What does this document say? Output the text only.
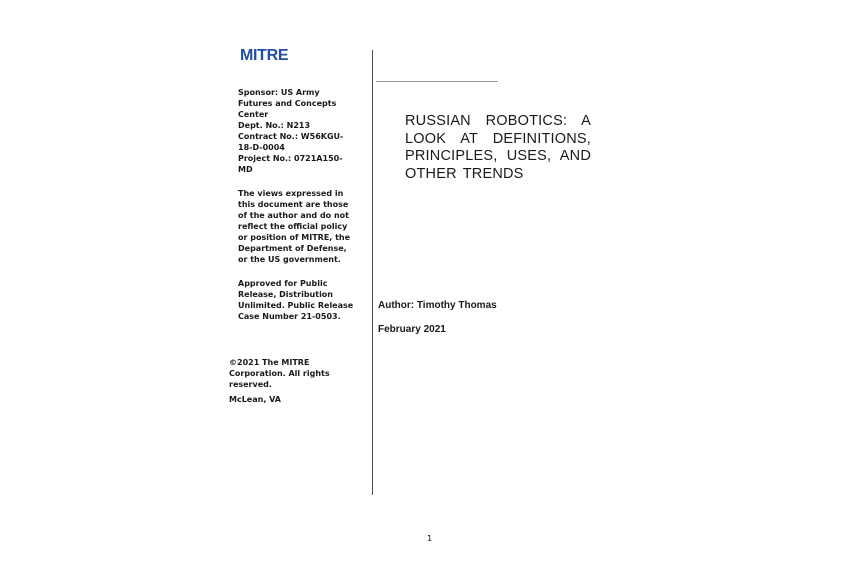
MITRE

Sponsor: US Army Futures and Concepts Center

Dept. No.: N213

Contract No.: W56KGU-18-D-0004

Project No.: 0721A150-MD

The views expressed in this document are those of the author and do not reflect the official policy or position of MITRE, the Department of Defense, or the US government.

Approved for Public Release, Distribution Unlimited. Public Release Case Number 21-0503.

©2021 The MITRE Corporation. All rights reserved.
McLean, VA
RUSSIAN ROBOTICS: A LOOK AT DEFINITIONS, PRINCIPLES, USES, AND OTHER TRENDS
Author: Timothy Thomas
February 2021
1
